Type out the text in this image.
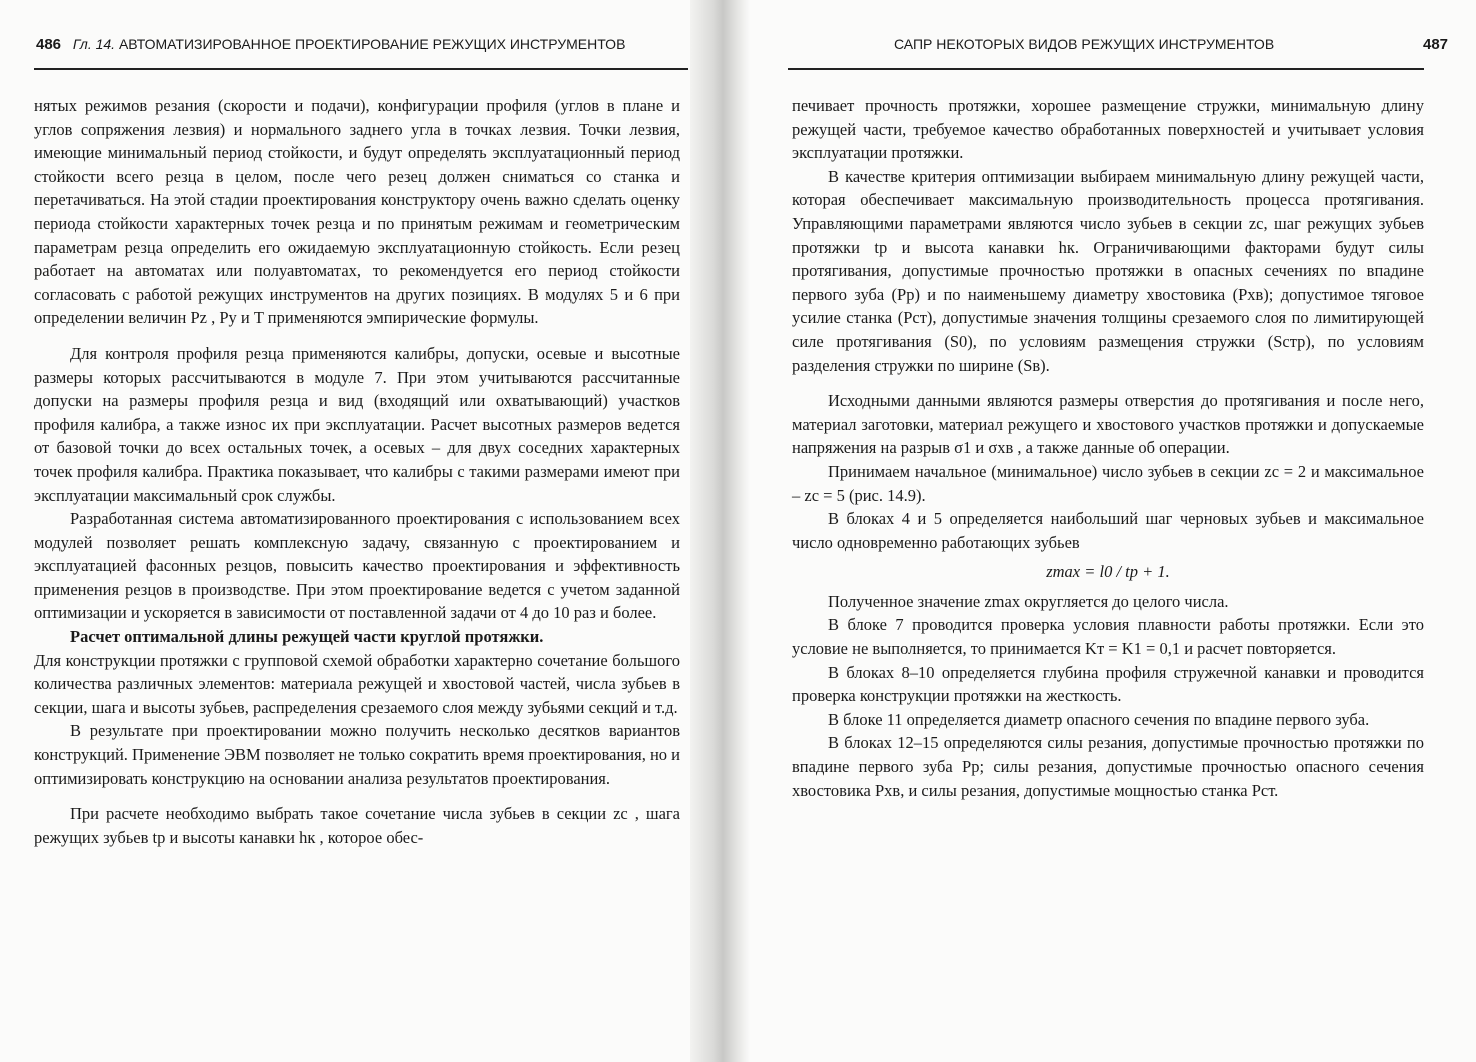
486 Гл. 14. АВТОМАТИЗИРОВАННОЕ ПРОЕКТИРОВАНИЕ РЕЖУЩИХ ИНСТРУМЕНТОВ	САПР НЕКОТОРЫХ ВИДОВ РЕЖУЩИХ ИНСТРУМЕНТОВ	487

нятых режимов резания (скорости и подачи), конфигурации профиля (углов в плане и углов сопряжения лезвия) и нормального заднего угла в точках лезвия. Точки лезвия, имеющие минимальный период стойкости, и будут определять эксплуатационный период стойкости всего резца в целом, после чего резец должен сниматься со станка и перетачиваться. На этой стадии проектирования конструктору очень важно сделать оценку периода стойкости характерных точек резца и по принятым режимам и геометрическим параметрам резца определить его ожидаемую эксплуатационную стойкость. Если резец работает на автоматах или полуавтоматах, то рекомендуется его период стойкости согласовать с работой режущих инструментов на других позициях. В модулях 5 и 6 при определении величин Pz , Py и T применяются эмпирические формулы.

Для контроля профиля резца применяются калибры, допуски, осевые и высотные размеры которых рассчитываются в модуле 7. При этом учитываются рассчитанные допуски на размеры профиля резца и вид (входящий или охватывающий) участков профиля калибра, а также износ их при эксплуатации. Расчет высотных размеров ведется от базовой точки до всех остальных точек, а осевых – для двух соседних характерных точек профиля калибра. Практика показывает, что калибры с такими размерами имеют при эксплуатации максимальный срок службы.

Разработанная система автоматизированного проектирования с использованием всех модулей позволяет решать комплексную задачу, связанную с проектированием и эксплуатацией фасонных резцов, повысить качество проектирования и эффективность применения резцов в производстве. При этом проектирование ведется с учетом заданной оптимизации и ускоряется в зависимости от поставленной задачи от 4 до 10 раз и более.

Расчет оптимальной длины режущей части круглой протяжки.

Для конструкции протяжки с групповой схемой обработки характерно сочетание большого количества различных элементов: материала режущей и хвостовой частей, числа зубьев в секции, шага и высоты зубьев, распределения срезаемого слоя между зубьями секций и т.д.

В результате при проектировании можно получить несколько десятков вариантов конструкций. Применение ЭВМ позволяет не только сократить время проектирования, но и оптимизировать конструкцию на основании анализа результатов проектирования.

При расчете необходимо выбрать такое сочетание числа зубьев в секции zc , шага режущих зубьев tр и высоты канавки hк , которое обес-

печивает прочность протяжки, хорошее размещение стружки, минимальную длину режущей части, требуемое качество обработанных поверхностей и учитывает условия эксплуатации протяжки.

В качестве критерия оптимизации выбираем минимальную длину режущей части, которая обеспечивает максимальную производительность процесса протягивания. Управляющими параметрами являются число зубьев в секции zc, шаг режущих зубьев протяжки tр и высота канавки hк. Ограничивающими факторами будут силы протягивания, допустимые прочностью протяжки в опасных сечениях по впадине первого зуба (Pр) и по наименьшему диаметру хвостовика (Pхв); допустимое тяговое усилие станка (Pст), допустимые значения толщины срезаемого слоя по лимитирующей силе протягивания (S0), по условиям размещения стружки (Sстр), по условиям разделения стружки по ширине (Sв).

Исходными данными являются размеры отверстия до протягивания и после него, материал заготовки, материал режущего и хвостового участков протяжки и допускаемые напряжения на разрыв σ1 и σхв , а также данные об операции.

Принимаем начальное (минимальное) число зубьев в секции zc = 2 и максимальное – zc = 5 (рис. 14.9).

В блоках 4 и 5 определяется наибольший шаг черновых зубьев и максимальное число одновременно работающих зубьев

zmax = l0 / tр + 1.

Полученное значение zmax округляется до целого числа.

В блоке 7 проводится проверка условия плавности работы протяжки. Если это условие не выполняется, то принимается Kт = K1 = 0,1 и расчет повторяется.

В блоках 8–10 определяется глубина профиля стружечной канавки и проводится проверка конструкции протяжки на жесткость.

В блоке 11 определяется диаметр опасного сечения по впадине первого зуба.

В блоках 12–15 определяются силы резания, допустимые прочностью протяжки по впадине первого зуба Pр; силы резания, допустимые прочностью опасного сечения хвостовика Pхв, и силы резания, допустимые мощностью станка Pст.
